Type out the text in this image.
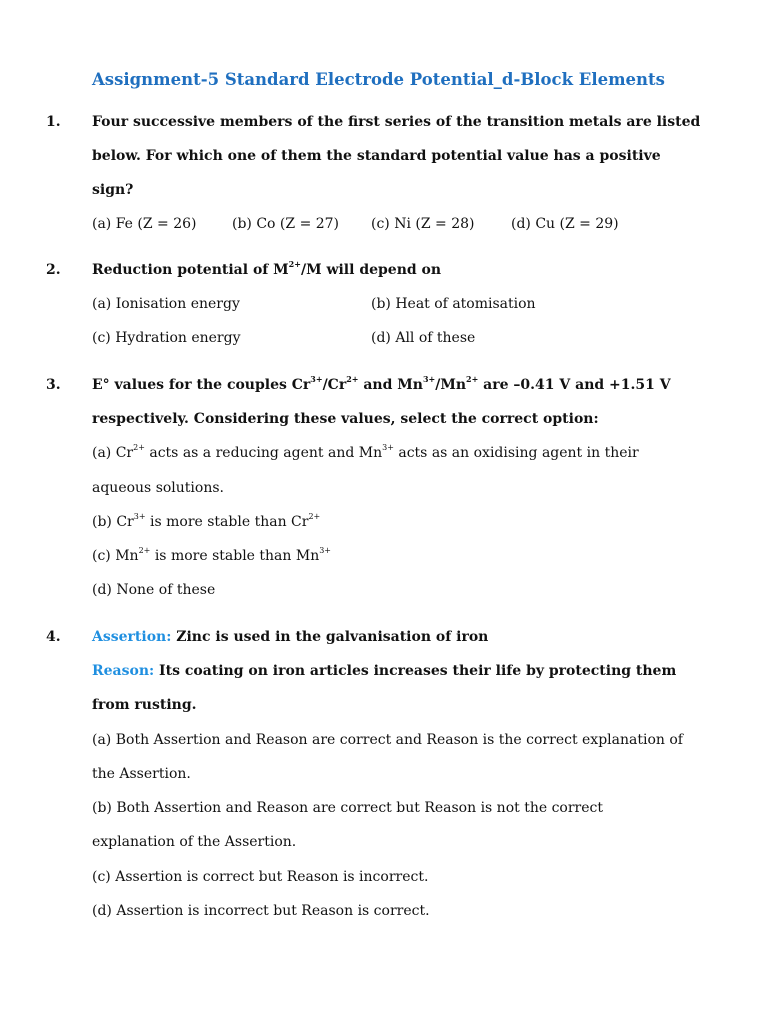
Assignment-5 Standard Electrode Potential_d-Block Elements
1. Four successive members of the first series of the transition metals are listed
below. For which one of them the standard potential value has a positive
sign?
(a) Fe (Z = 26)	(b) Co (Z = 27) (c) Ni (Z = 28)	(d) Cu (Z = 29)
2. Reduction potential of $M^{2+}/M$ will depend on
(a) Ionisation energy	(b) Heat of atomisation
(c) Hydration energy	(d) All of these
3. E° values for the couples $Cr^{3+}/Cr^{2+}$ and $Mn^{3+}/Mn^{2+}$ are –0.41 V and +1.51 V
respectively. Considering these values, select the correct option:
(a) $Cr^{2+}$ acts as a reducing agent and $Mn^{3+}$ acts as an oxidising agent in their
aqueous solutions.
(b) $Cr^{3+}$ is more stable than $Cr^{2+}$
(c) $Mn^{2+}$ is more stable than $Mn^{3+}$
(d) None of these
4. Assertion: Zinc is used in the galvanisation of iron
Reason: Its coating on iron articles increases their life by protecting them
from rusting.
(a) Both Assertion and Reason are correct and Reason is the correct explanation of
the Assertion.
(b) Both Assertion and Reason are correct but Reason is not the correct
explanation of the Assertion.
(c) Assertion is correct but Reason is incorrect.
(d) Assertion is incorrect but Reason is correct.
